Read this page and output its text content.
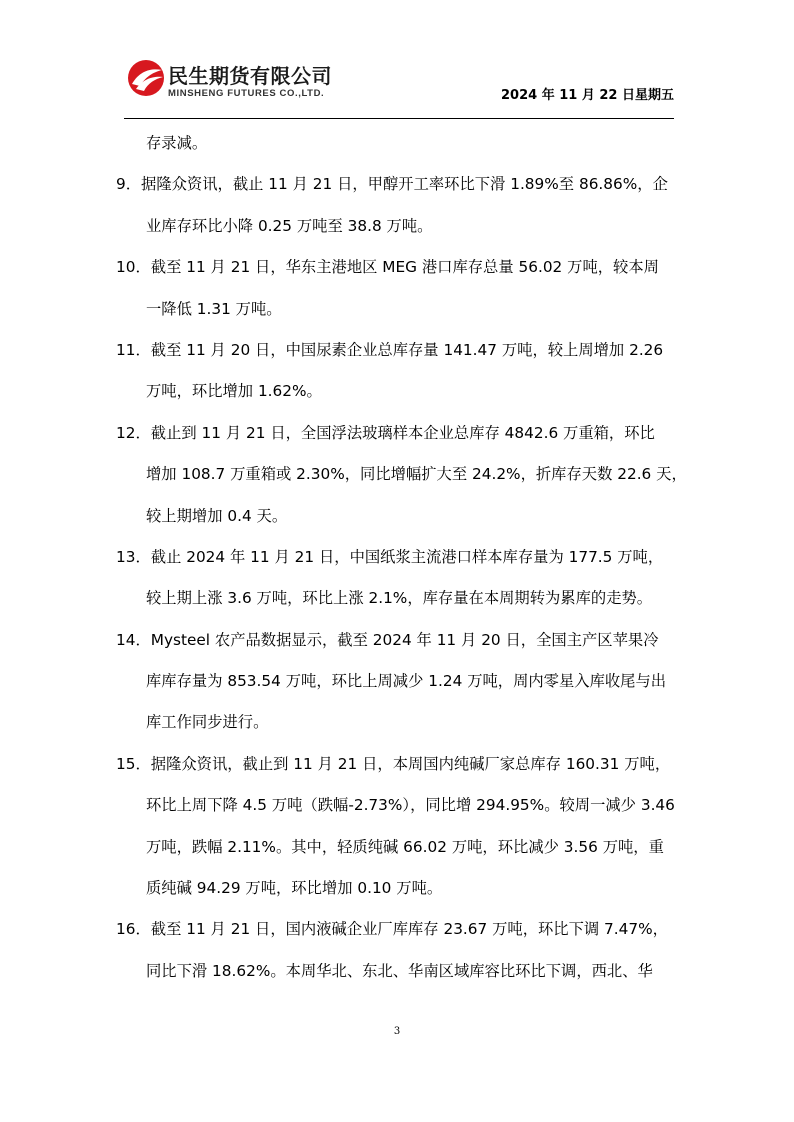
民生期货有限公司
MINSHENG FUTURES CO.,LTD.	2024 年 11 月 22 日星期五
存录减。
9．据隆众资讯，截止 11 月 21 日，甲醇开工率环比下滑 1.89%至 86.86%，企
业库存环比小降 0.25 万吨至 38.8 万吨。
10．截至 11 月 21 日，华东主港地区 MEG 港口库存总量 56.02 万吨，较本周
一降低 1.31 万吨。
11．截至 11 月 20 日，中国尿素企业总库存量 141.47 万吨，较上周增加 2.26
万吨，环比增加 1.62%。
12．截止到 11 月 21 日，全国浮法玻璃样本企业总库存 4842.6 万重箱，环比
增加 108.7 万重箱或 2.30%，同比增幅扩大至 24.2%，折库存天数 22.6 天，
较上期增加 0.4 天。
13．截止 2024 年 11 月 21 日，中国纸浆主流港口样本库存量为 177.5 万吨，
较上期上涨 3.6 万吨，环比上涨 2.1%，库存量在本周期转为累库的走势。
14．Mysteel 农产品数据显示，截至 2024 年 11 月 20 日，全国主产区苹果冷
库库存量为 853.54 万吨，环比上周减少 1.24 万吨，周内零星入库收尾与出
库工作同步进行。
15．据隆众资讯，截止到 11 月 21 日，本周国内纯碱厂家总库存 160.31 万吨，
环比上周下降 4.5 万吨（跌幅-2.73%），同比增 294.95%。较周一减少 3.46
万吨，跌幅 2.11%。其中，轻质纯碱 66.02 万吨，环比减少 3.56 万吨，重
质纯碱 94.29 万吨，环比增加 0.10 万吨。
16．截至 11 月 21 日，国内液碱企业厂库库存 23.67 万吨，环比下调 7.47%，
同比下滑 18.62%。本周华北、东北、华南区域库容比环比下调，西北、华
3
